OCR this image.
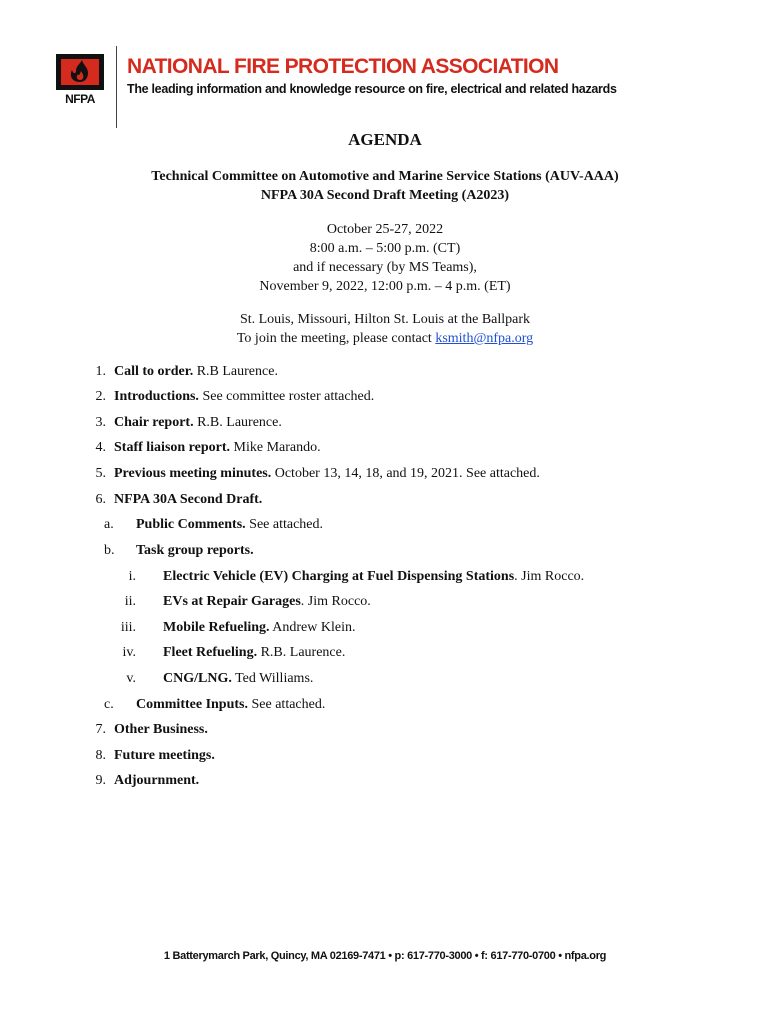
NFPA
NATIONAL FIRE PROTECTION ASSOCIATION
The leading information and knowledge resource on fire, electrical and related hazards
AGENDA
Technical Committee on Automotive and Marine Service Stations (AUV-AAA)
NFPA 30A Second Draft Meeting (A2023)
October 25-27, 2022
8:00 a.m. – 5:00 p.m. (CT)
and if necessary (by MS Teams),
November 9, 2022, 12:00 p.m. – 4 p.m. (ET)
St. Louis, Missouri, Hilton St. Louis at the Ballpark
To join the meeting, please contact ksmith@nfpa.org
1. Call to order. R.B Laurence.
2. Introductions. See committee roster attached.
3. Chair report. R.B. Laurence.
4. Staff liaison report. Mike Marando.
5. Previous meeting minutes. October 13, 14, 18, and 19, 2021. See attached.
6. NFPA 30A Second Draft.
a.	Public Comments. See attached.
b.	Task group reports.
i. Electric Vehicle (EV) Charging at Fuel Dispensing Stations. Jim Rocco.
ii. EVs at Repair Garages. Jim Rocco.
iii. Mobile Refueling. Andrew Klein.
iv. Fleet Refueling. R.B. Laurence.
v. CNG/LNG. Ted Williams.
c.	Committee Inputs. See attached.
7. Other Business.
8. Future meetings.
9. Adjournment.
1 Batterymarch Park, Quincy, MA 02169-7471 • p: 617-770-3000 • f: 617-770-0700 • nfpa.org
